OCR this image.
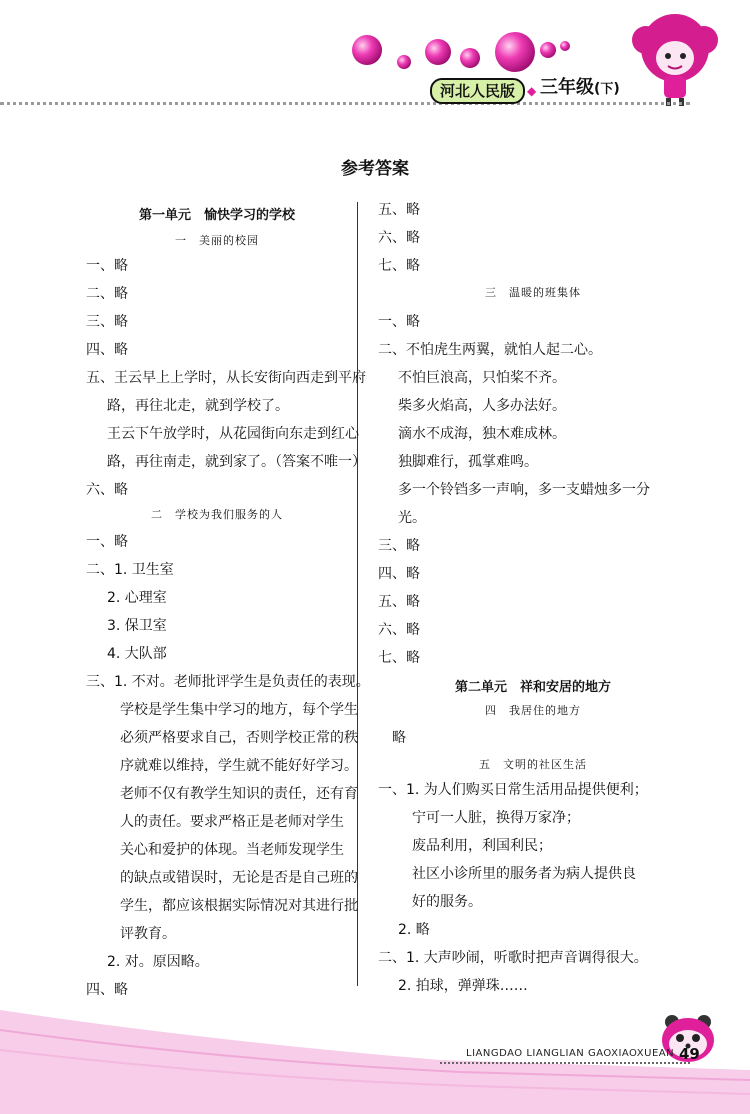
河北人民版 ◆ 三年级(下)
参考答案
第一单元　愉快学习的学校
一　美丽的校园
一、略
二、略
三、略
四、略
五、王云早上上学时，从长安街向西走到平府
路，再往北走，就到学校了。
王云下午放学时，从花园街向东走到红心
路，再往南走，就到家了。（答案不唯一）
六、略
二　学校为我们服务的人
一、略
二、1. 卫生室
2. 心理室
3. 保卫室
4. 大队部
三、1. 不对。老师批评学生是负责任的表现。
学校是学生集中学习的地方，每个学生
必须严格要求自己，否则学校正常的秩
序就难以维持，学生就不能好好学习。
老师不仅有教学生知识的责任，还有育
人的责任。要求严格正是老师对学生
关心和爱护的体现。当老师发现学生
的缺点或错误时，无论是否是自己班的
学生，都应该根据实际情况对其进行批
评教育。
2. 对。原因略。
四、略
五、略
六、略
七、略
三　温暖的班集体
一、略
二、不怕虎生两翼，就怕人起二心。
不怕巨浪高，只怕桨不齐。
柴多火焰高，人多办法好。
滴水不成海，独木难成林。
独脚难行，孤掌难鸣。
多一个铃铛多一声响，多一支蜡烛多一分
光。
三、略
四、略
五、略
六、略
七、略
第二单元　祥和安居的地方
四　我居住的地方
略
五　文明的社区生活
一、1. 为人们购买日常生活用品提供便利；
宁可一人脏，换得万家净；
废品利用，利国利民；
社区小诊所里的服务者为病人提供良
好的服务。
2. 略
二、1. 大声吵闹，听歌时把声音调得很大。
2. 拍球，弹弹珠……
LIANGDAO LIANGLIAN GAOXIAOXUEAN 49
